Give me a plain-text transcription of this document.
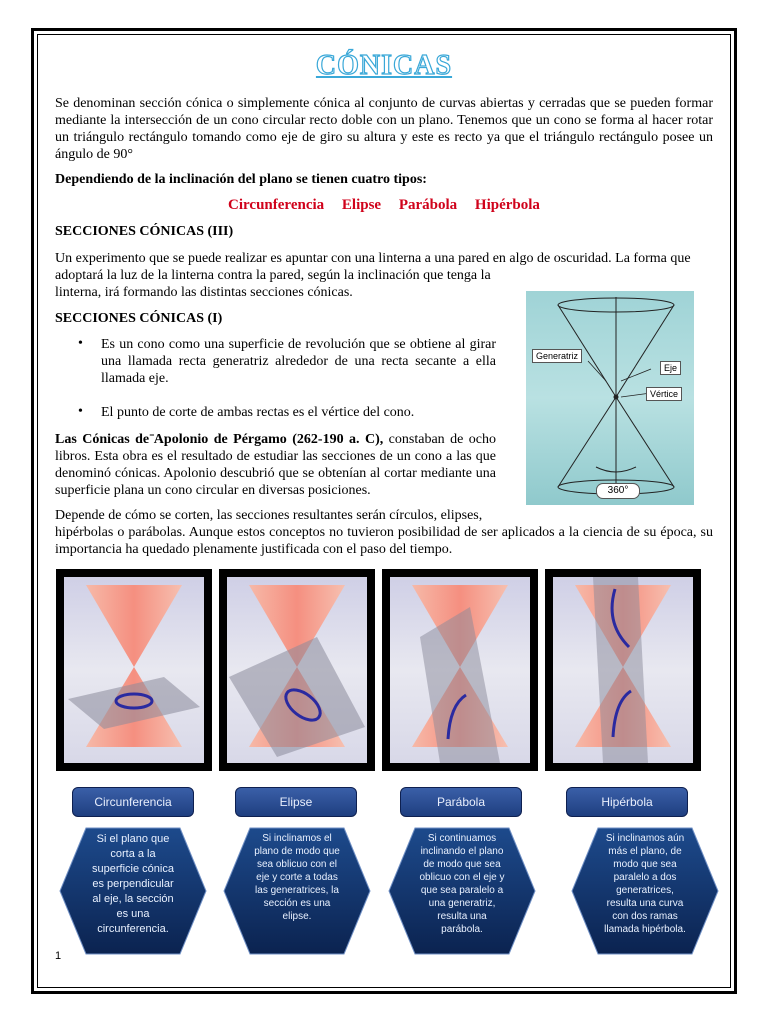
CÓNICAS

Se denominan sección cónica o simplemente cónica al conjunto de curvas abiertas y cerradas que se pueden formar mediante la intersección de un cono circular recto doble con un plano. Tenemos que un cono se forma al hacer rotar un triángulo rectángulo tomando como eje de giro su altura y este es recto ya que el triángulo rectángulo posee un ángulo de 90°

Dependiendo de la inclinación del plano se tienen cuatro tipos:

Circunferencia Elipse Parábola Hipérbola

SECCIONES CÓNICAS (III)

Un experimento que se puede realizar es apuntar con una linterna a una pared en algo de oscuridad. La forma que

adoptará la luz de la linterna contra la pared, según la inclinación que tenga la

linterna, irá formando las distintas secciones cónicas.

SECCIONES CÓNICAS (I)

• Es un cono como una superficie de revolución que se obtiene al girar una llamada recta generatriz alrededor de una recta secante a ella llamada eje.

• El punto de corte de ambas rectas es el vértice del cono.

Las Cónicas de ̄Apolonio de Pérgamo (262-190 a. C), constaban de ocho libros. Esta obra es el resultado de estudiar las secciones de un cono a las que denominó cónicas. Apolonio descubrió que se obtenían al cortar mediante una superficie plana un cono circular en diversas posiciones.

Depende de cómo se corten, las secciones resultantes serán círculos, elipses,

hipérbolas o parábolas. Aunque estos conceptos no tuvieron posibilidad de ser aplicados a la ciencia de su época, su importancia ha quedado plenamente justificada con el paso del tiempo.

Generatriz
Eje
Vértice
360°
Circunferencia	Elipse	Parábola	Hipérbola
Si el plano que corta a la superficie cónica es perpendicular al eje, la sección es una circunferencia.
Si inclinamos el plano de modo que sea oblicuo con el eje y corte a todas las generatrices, la sección es una elipse.
Si continuamos inclinando el plano de modo que sea oblicuo con el eje y que sea paralelo a una generatriz, resulta una parábola.
Si inclinamos aún más el plano, de modo que sea paralelo a dos generatrices, resulta una curva con dos ramas llamada hipérbola.
1
